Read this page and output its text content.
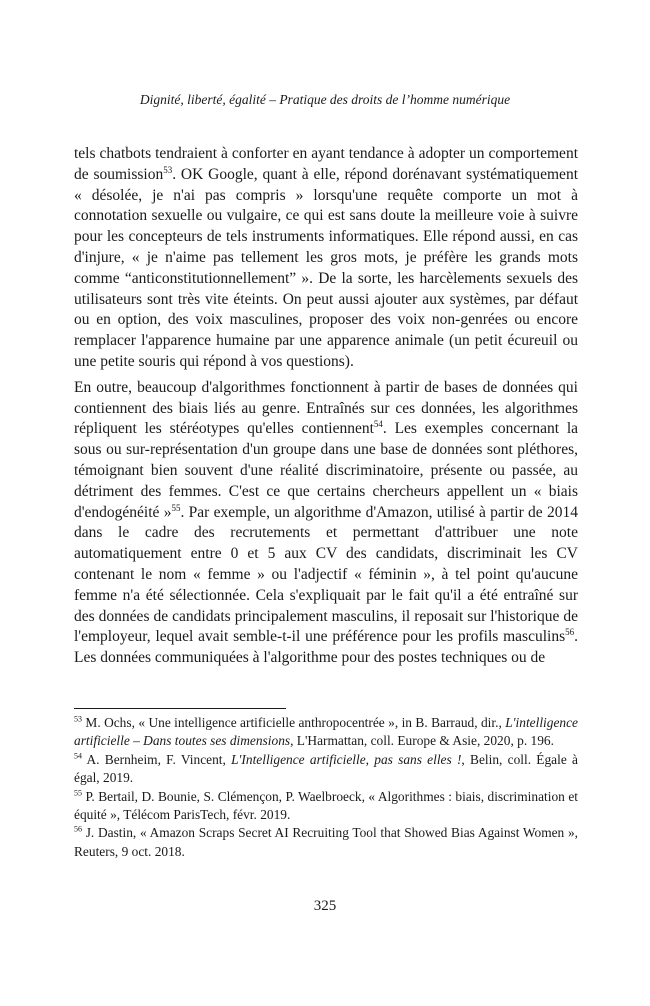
Dignité, liberté, égalité – Pratique des droits de l’homme numérique

tels chatbots tendraient à conforter en ayant tendance à adopter un comportement de soumission$^{53}$. OK Google, quant à elle, répond dorénavant systématiquement « désolée, je n'ai pas compris » lorsqu'une requête comporte un mot à connotation sexuelle ou vulgaire, ce qui est sans doute la meilleure voie à suivre pour les concepteurs de tels instruments informatiques. Elle répond aussi, en cas d'injure, « je n'aime pas tellement les gros mots, je préfère les grands mots comme “anticonstitutionnellement” ». De la sorte, les harcèlements sexuels des utilisateurs sont très vite éteints. On peut aussi ajouter aux systèmes, par défaut ou en option, des voix masculines, proposer des voix non-genrées ou encore remplacer l'apparence humaine par une apparence animale (un petit écureuil ou une petite souris qui répond à vos questions).

En outre, beaucoup d'algorithmes fonctionnent à partir de bases de données qui contiennent des biais liés au genre. Entraînés sur ces données, les algorithmes répliquent les stéréotypes qu'elles contiennent$^{54}$. Les exemples concernant la sous ou sur-représentation d'un groupe dans une base de données sont pléthores, témoignant bien souvent d'une réalité discriminatoire, présente ou passée, au détriment des femmes. C'est ce que certains chercheurs appellent un « biais d'endogénéité »$^{55}$. Par exemple, un algorithme d'Amazon, utilisé à partir de 2014 dans le cadre des recrutements et permettant d'attribuer une note automatiquement entre 0 et 5 aux CV des candidats, discriminait les CV contenant le nom « femme » ou l'adjectif « féminin », à tel point qu'aucune femme n'a été sélectionnée. Cela s'expliquait par le fait qu'il a été entraîné sur des données de candidats principalement masculins, il reposait sur l'historique de l'employeur, lequel avait semble-t-il une préférence pour les profils masculins$^{56}$. Les données communiquées à l'algorithme pour des postes techniques ou de

$^{53}$ M. Ochs, « Une intelligence artificielle anthropocentrée », in B. Barraud, dir., L'intelligence artificielle – Dans toutes ses dimensions, L'Harmattan, coll. Europe & Asie, 2020, p. 196.

$^{54}$ A. Bernheim, F. Vincent, L'Intelligence artificielle, pas sans elles !, Belin, coll. Égale à égal, 2019.

$^{55}$ P. Bertail, D. Bounie, S. Clémençon, P. Waelbroeck, « Algorithmes : biais, discrimination et équité », Télécom ParisTech, févr. 2019.

$^{56}$ J. Dastin, « Amazon Scraps Secret AI Recruiting Tool that Showed Bias Against Women », Reuters, 9 oct. 2018.

325
